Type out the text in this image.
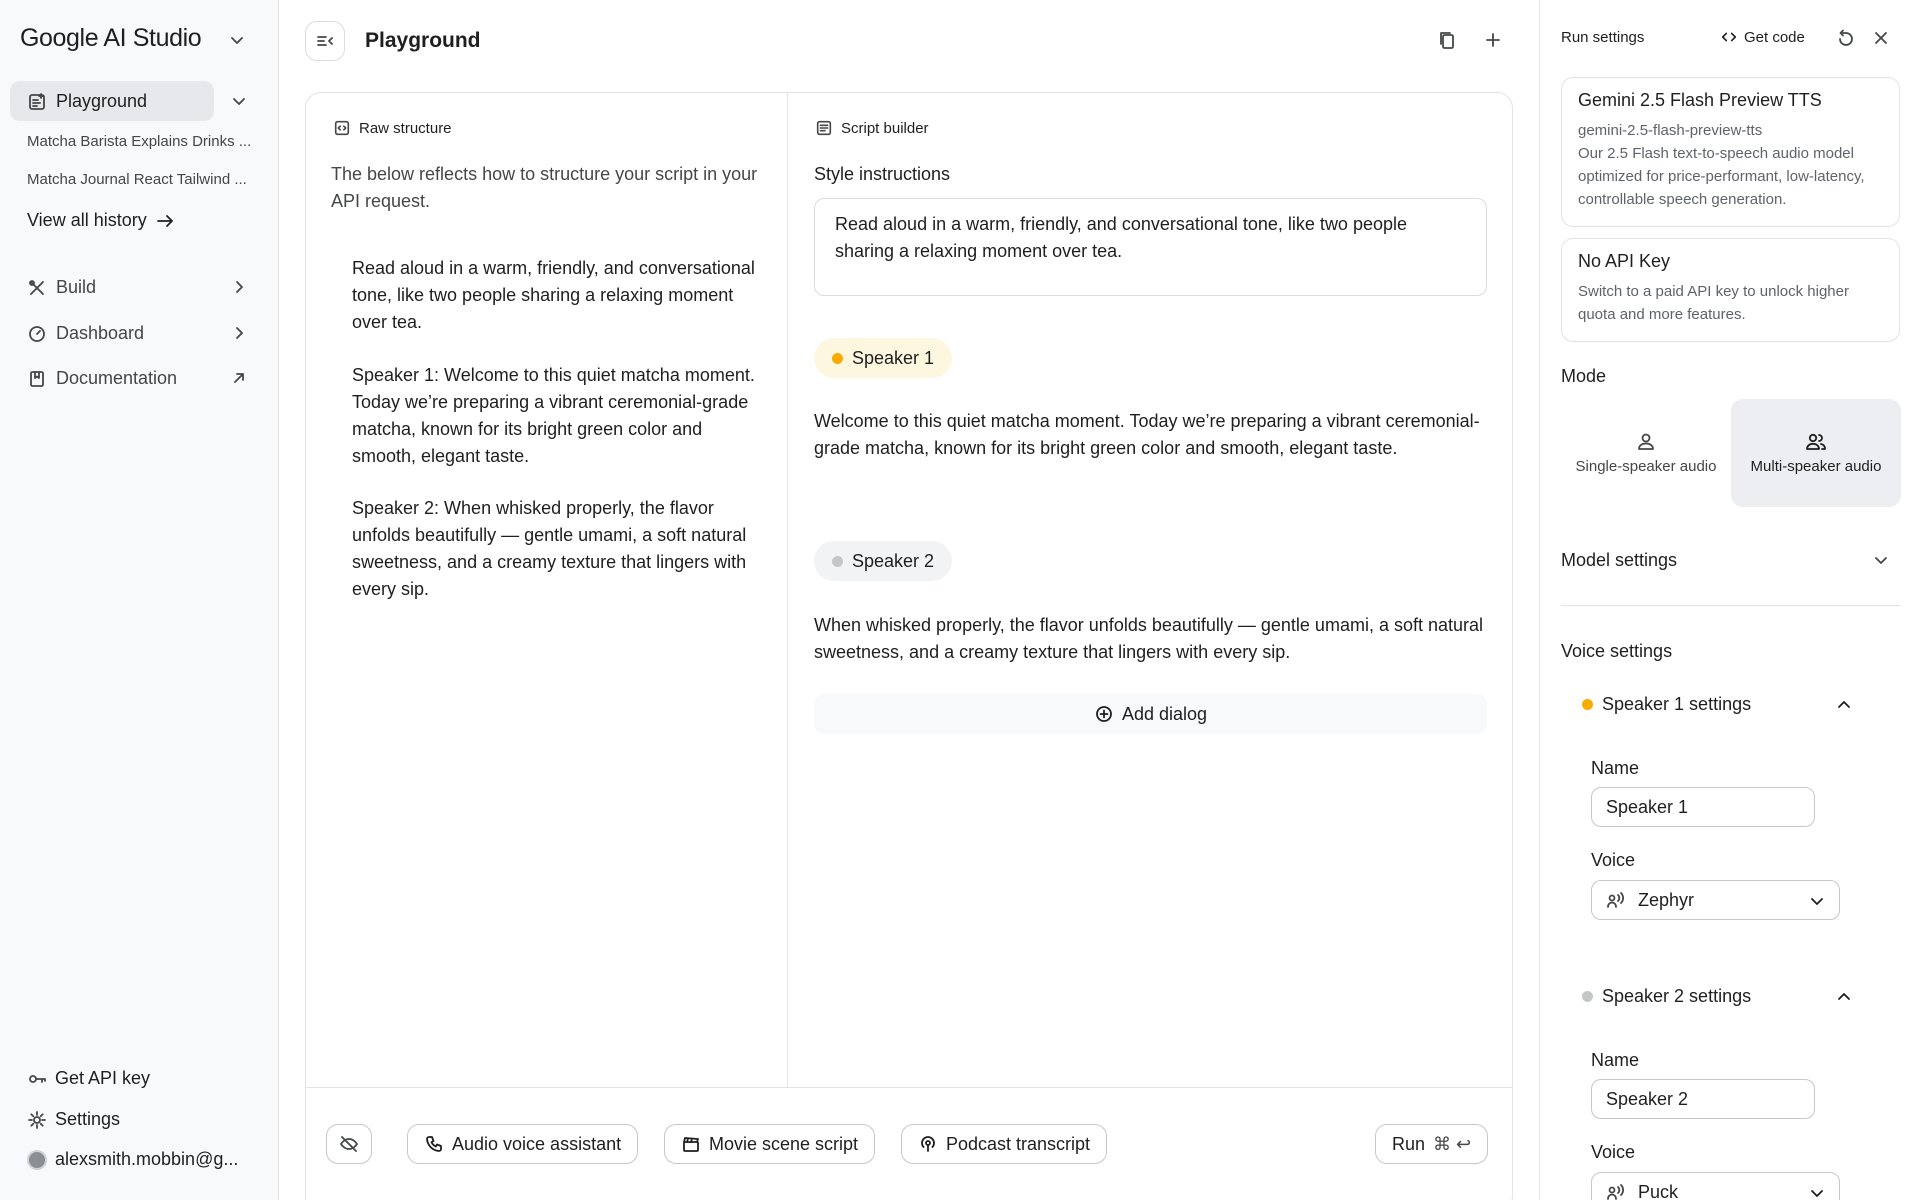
Google AI Studio
Playground
Matcha Barista Explains Drinks ...
Matcha Journal React Tailwind ...
View all history
Build
Dashboard
Documentation
Get API key
Settings
alexsmith.mobbin@g...
Playground
Raw structure
The below reflects how to structure your script in your API request.
Read aloud in a warm, friendly, and conversational tone, like two people sharing a relaxing moment over tea.
Speaker 1: Welcome to this quiet matcha moment. Today we’re preparing a vibrant ceremonial-grade matcha, known for its bright green color and smooth, elegant taste.
Speaker 2: When whisked properly, the flavor unfolds beautifully — gentle umami, a soft natural sweetness, and a creamy texture that lingers with every sip.
Script builder
Style instructions
Read aloud in a warm, friendly, and conversational tone, like two people sharing a relaxing moment over tea.
Speaker 1
Welcome to this quiet matcha moment. Today we’re preparing a vibrant ceremonial-grade matcha, known for its bright green color and smooth, elegant taste.
Speaker 2
When whisked properly, the flavor unfolds beautifully — gentle umami, a soft natural sweetness, and a creamy texture that lingers with every sip.
Add dialog
Audio voice assistant	Movie scene script	Podcast transcript	Run ⌘ ↩
Run settings	Get code
Gemini 2.5 Flash Preview TTS
gemini-2.5-flash-preview-tts
Our 2.5 Flash text-to-speech audio model optimized for price-performant, low-latency, controllable speech generation.
No API Key
Switch to a paid API key to unlock higher quota and more features.
Mode
Single-speaker audio Multi-speaker audio
Model settings
Voice settings
Speaker 1 settings
Name
Speaker 1
Voice
Zephyr
Speaker 2 settings
Name
Speaker 2
Voice
Puck
